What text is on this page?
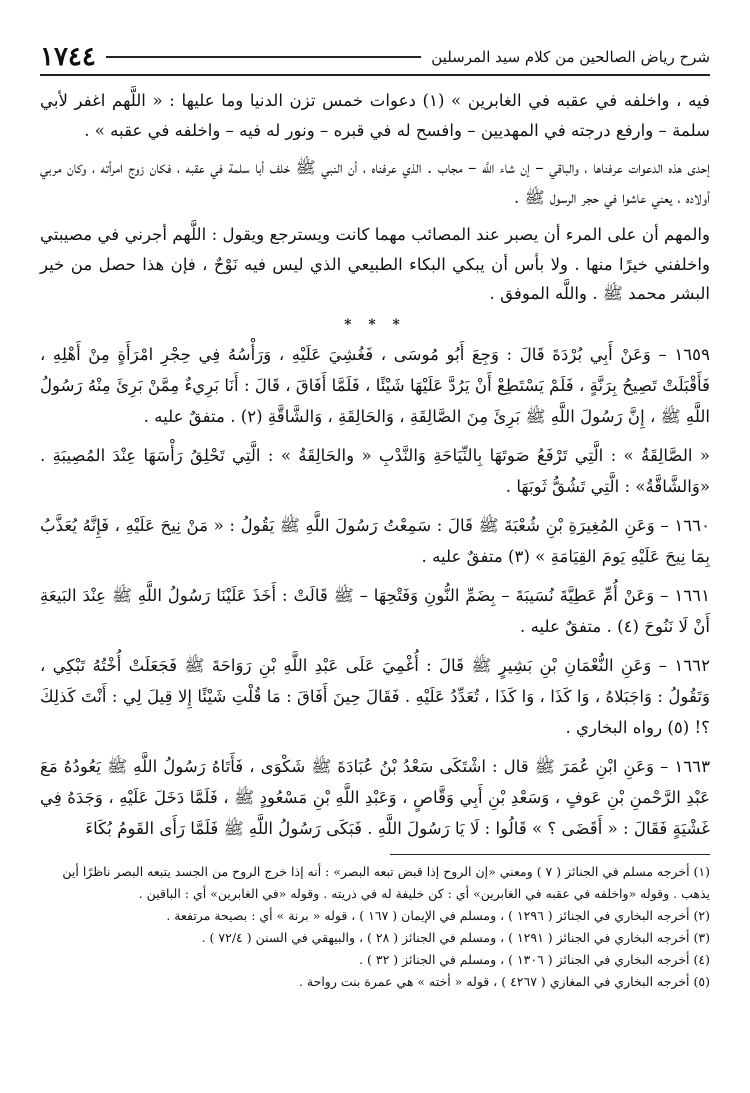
شرح رياض الصالحين من كلام سيد المرسلين
١٧٤٤

فيه ، واخلفه في عقبه في الغابرين » (١) دعوات خمس تزن الدنيا وما عليها : « اللَّهم اغفر لأبي سلمة – وارفع درجته في المهديين – وافسح له في قبره – ونور له فيه – واخلفه في عقبه » .

إحدى هذه الدعوات عرفناها ، والباقي – إن شاء اللَّه – مجاب . الذي عرفناه ، أن النبي ﷺ خلف أبا سلمة في عقبه ، فكان زوج امرأته ، وكان مربي أولاده ، يعني عاشوا في حجر الرسول ﷺ .

والمهم أن على المرء أن يصبر عند المصائب مهما كانت ويسترجع ويقول : اللَّهم أجرني في مصيبتي واخلفني خيرًا منها . ولا بأس أن يبكي البكاء الطبيعي الذي ليس فيه نَوْحٌ ، فإن هذا حصل من خير البشر محمد ﷺ . واللَّه الموفق .

* * *

١٦٥٩ – وَعَنْ أَبِي بُرْدَةَ قَالَ : وَجِعَ أَبُو مُوسَى ، فَغُشِيَ عَلَيْهِ ، وَرَأْسُهُ فِي حِجْرِ امْرَأَةٍ مِنْ أَهْلِهِ ، فَأَقْبَلَتْ تَصِيحُ بِرَنَّةٍ ، فَلَمْ يَسْتَطِعْ أَنْ يَرُدَّ عَلَيْهَا شَيْئًا ، فَلَمَّا أَفَاقَ ، قَالَ : أَنَا بَرِيءٌ مِمَّنْ بَرِئَ مِنْهُ رَسُولُ اللَّهِ ﷺ ، إِنَّ رَسُولَ اللَّهِ ﷺ بَرِئَ مِنَ الصَّالِقَةِ ، وَالحَالِقَةِ ، وَالشَّاقَّةِ (٢) . متفقٌ عليه .

« الصَّالِقَةُ » : الَّتِي تَرْفَعُ صَوتَهَا بِالنِّيَاحَةِ وَالنَّدْبِ « والحَالِقَةُ » : الَّتِي تَحْلِقُ رَأْسَهَا عِنْدَ المُصِيبَةِ . «وَالشَّاقَّةُ» : الَّتِي تَشُقُّ ثَوبَهَا .

١٦٦٠ – وَعَنِ المُغِيرَةِ بْنِ شُعْبَةَ ﷺ قَالَ : سَمِعْتُ رَسُولَ اللَّهِ ﷺ يَقُولُ : « مَنْ نِيحَ عَلَيْهِ ، فَإِنَّهُ يُعَذَّبُ بِمَا نِيحَ عَلَيْهِ يَومَ القِيَامَةِ » (٣) متفقٌ عليه .

١٦٦١ – وَعَنْ أُمِّ عَطِيَّةَ نُسَيبَةَ – بِضَمِّ النُّونِ وَفَتْحِهَا – ﷺ قَالَتْ : أَخَذَ عَلَيْنَا رَسُولُ اللَّهِ ﷺ عِنْدَ البَيعَةِ أَنْ لَا نَنُوحَ (٤) . متفقٌ عليه .

١٦٦٢ – وَعَنِ النُّعْمَانِ بْنِ بَشِيرٍ ﷺ قَالَ : أُغْمِيَ عَلَى عَبْدِ اللَّهِ بْنِ رَوَاحَةَ ﷺ فَجَعَلَتْ أُخْتُهُ تَبْكِي ، وَتَقُولُ : وَاجَبَلاهُ ، وَا كَذَا ، وَا كَذَا ، تُعَدِّدُ عَلَيْهِ . فَقَالَ حِينَ أَفَاقَ : مَا قُلْتِ شَيْئًا إِلا قِيلَ لِي : أَنْتَ كَذلِكَ ؟! (٥) رواه البخاري .

١٦٦٣ – وَعَنِ ابْنِ عُمَرَ ﷺ قال : اشْتَكَى سَعْدُ بْنُ عُبَادَةَ ﷺ شَكْوَى ، فَأَتَاهُ رَسُولُ اللَّهِ ﷺ يَعُودُهُ مَعَ عَبْدِ الرَّحْمنِ بْنِ عَوفٍ ، وَسَعْدِ بْنِ أَبِي وَقَّاصٍ ، وَعَبْدِ اللَّهِ بْنِ مَسْعُودٍ ﷺ ، فَلَمَّا دَخَلَ عَلَيْهِ ، وَجَدَهُ فِي غَشْيَةٍ فَقَالَ : « أَقَضَى ؟ » قَالُوا : لَا يَا رَسُولَ اللَّهِ . فَبَكَى رَسُولُ اللَّهِ ﷺ فَلَمَّا رَأَى القَومُ بُكَاءَ

(١) أخرجه مسلم في الجنائز ( ٧ ) ومعني «إن الروح إذا قبض تبعه البصر» : أنه إذا خرج الروح من الجسد يتبعه البصر ناظرًا أين يذهب . وقوله «واخلفه في عقبه في الغابرين» أي : كن خليفة له في ذريته . وقوله «في الغابرين» أي : الباقين .

(٢) أخرجه البخاري في الجنائز ( ١٢٩٦ ) ، ومسلم في الإيمان ( ١٦٧ ) ، قوله « برنة » أي : بصيحة مرتفعة .

(٣) أخرجه البخاري في الجنائز ( ١٢٩١ ) ، ومسلم في الجنائز ( ٢٨ ) ، والبيهقي في السنن ( ٧٢/٤ ) .

(٤) أخرجه البخاري في الجنائز ( ١٣٠٦ ) ، ومسلم في الجنائز ( ٣٢ ) .

(٥) أخرجه البخاري في المغازي ( ٤٢٦٧ ) ، قوله « أخته » هي عمرة بنت رواحة .
